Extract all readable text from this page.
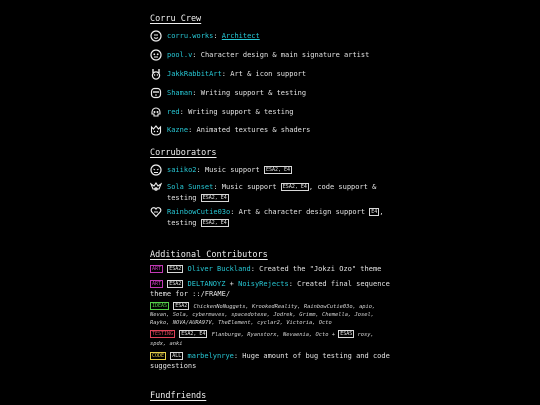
Corru Crew
corru.works: Architect
pool.v: Character design & main signature artist
JakkRabbitArt: Art & icon support
Shaman: Writing support & testing
red: Writing support & testing
Kazne: Animated textures & shaders
Corruborators
saiiko2: Music support ESA2, E4
Sola Sunset: Music support ESA2, E4 , code support & testing ESA2, E4
RainbowCutie03o: Art & character design support E4 , testing ESA2, E4
Additional Contributors
ART ESA2 Oliver Buckland: Created the "Jokzi Ozo" theme
ART ESA2 DELTANOYZ + NoisyRejects: Created final sequence theme for ::/FRAME/
IDEAS ESA2 ChickenNoNuggets, KrookedReality, RainbowCutie03o, apio, Nevan, Sola, cybermaves, spacedotexe, Jodrek, Grimm, Chemella, Josel, Rayko, NOVA/AURA97V, TheElement, cyclar2, Victoria, Octo
TESTING ESA2, E4 Flanburge, Ryanstorx, Nevaenia, Octo + ESAS rosy, spdx, anki
CODE ALL marbelynrye: Huge amount of bug testing and code suggestions
Fundfriends
